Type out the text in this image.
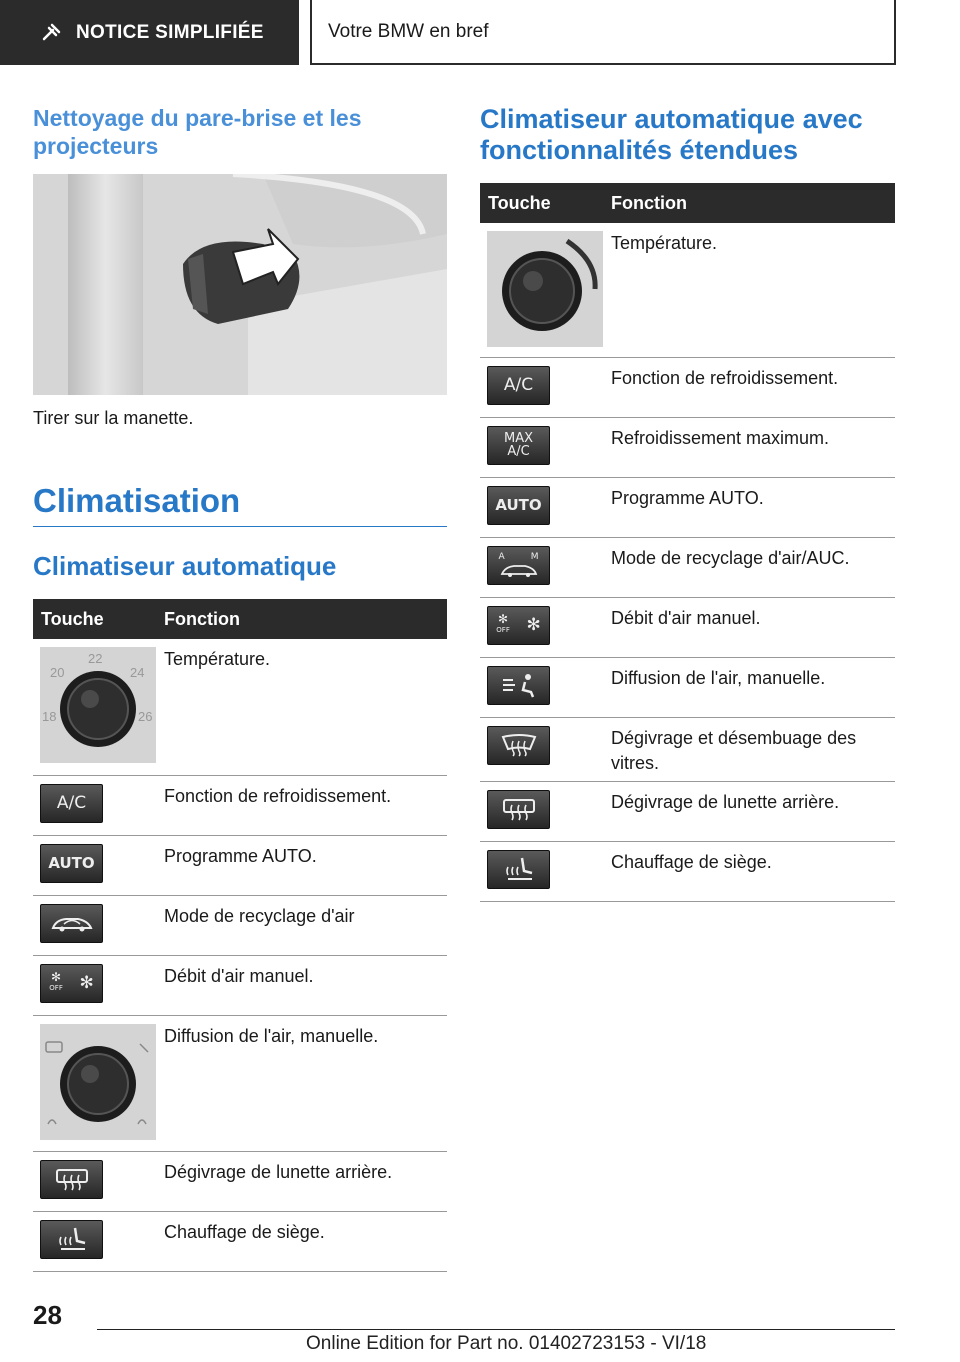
NOTICE SIMPLIFIÉE	Votre BMW en bref
Nettoyage du pare-brise et les projecteurs
Tirer sur la manette.
Climatisation
Climatiseur automatique
Touche	Fonction

20
22
24
18 26	Température.

A/C	Fonction de refroidissement.

AUTO	Programme AUTO.

	Mode de recyclage d'air

✻
OFF ✻	Débit d'air manuel.

	Diffusion de l'air, manuelle.

	Dégivrage de lunette arrière.

	Chauffage de siège.
Climatiseur automatique avec fonctionnalités étendues
Touche	Fonction

	Température.

A/C	Fonction de refroidissement.

MAX
A/C	Refroidissement maximum.

AUTO	Programme AUTO.

A M	Mode de recyclage d'air/AUC.

✻
OFF ✻	Débit d'air manuel.

	Diffusion de l'air, manuelle.

	Dégivrage et désembuage des vitres.

	Dégivrage de lunette arrière.

	Chauffage de siège.
28
Online Edition for Part no. 01402723153 - VI/18
